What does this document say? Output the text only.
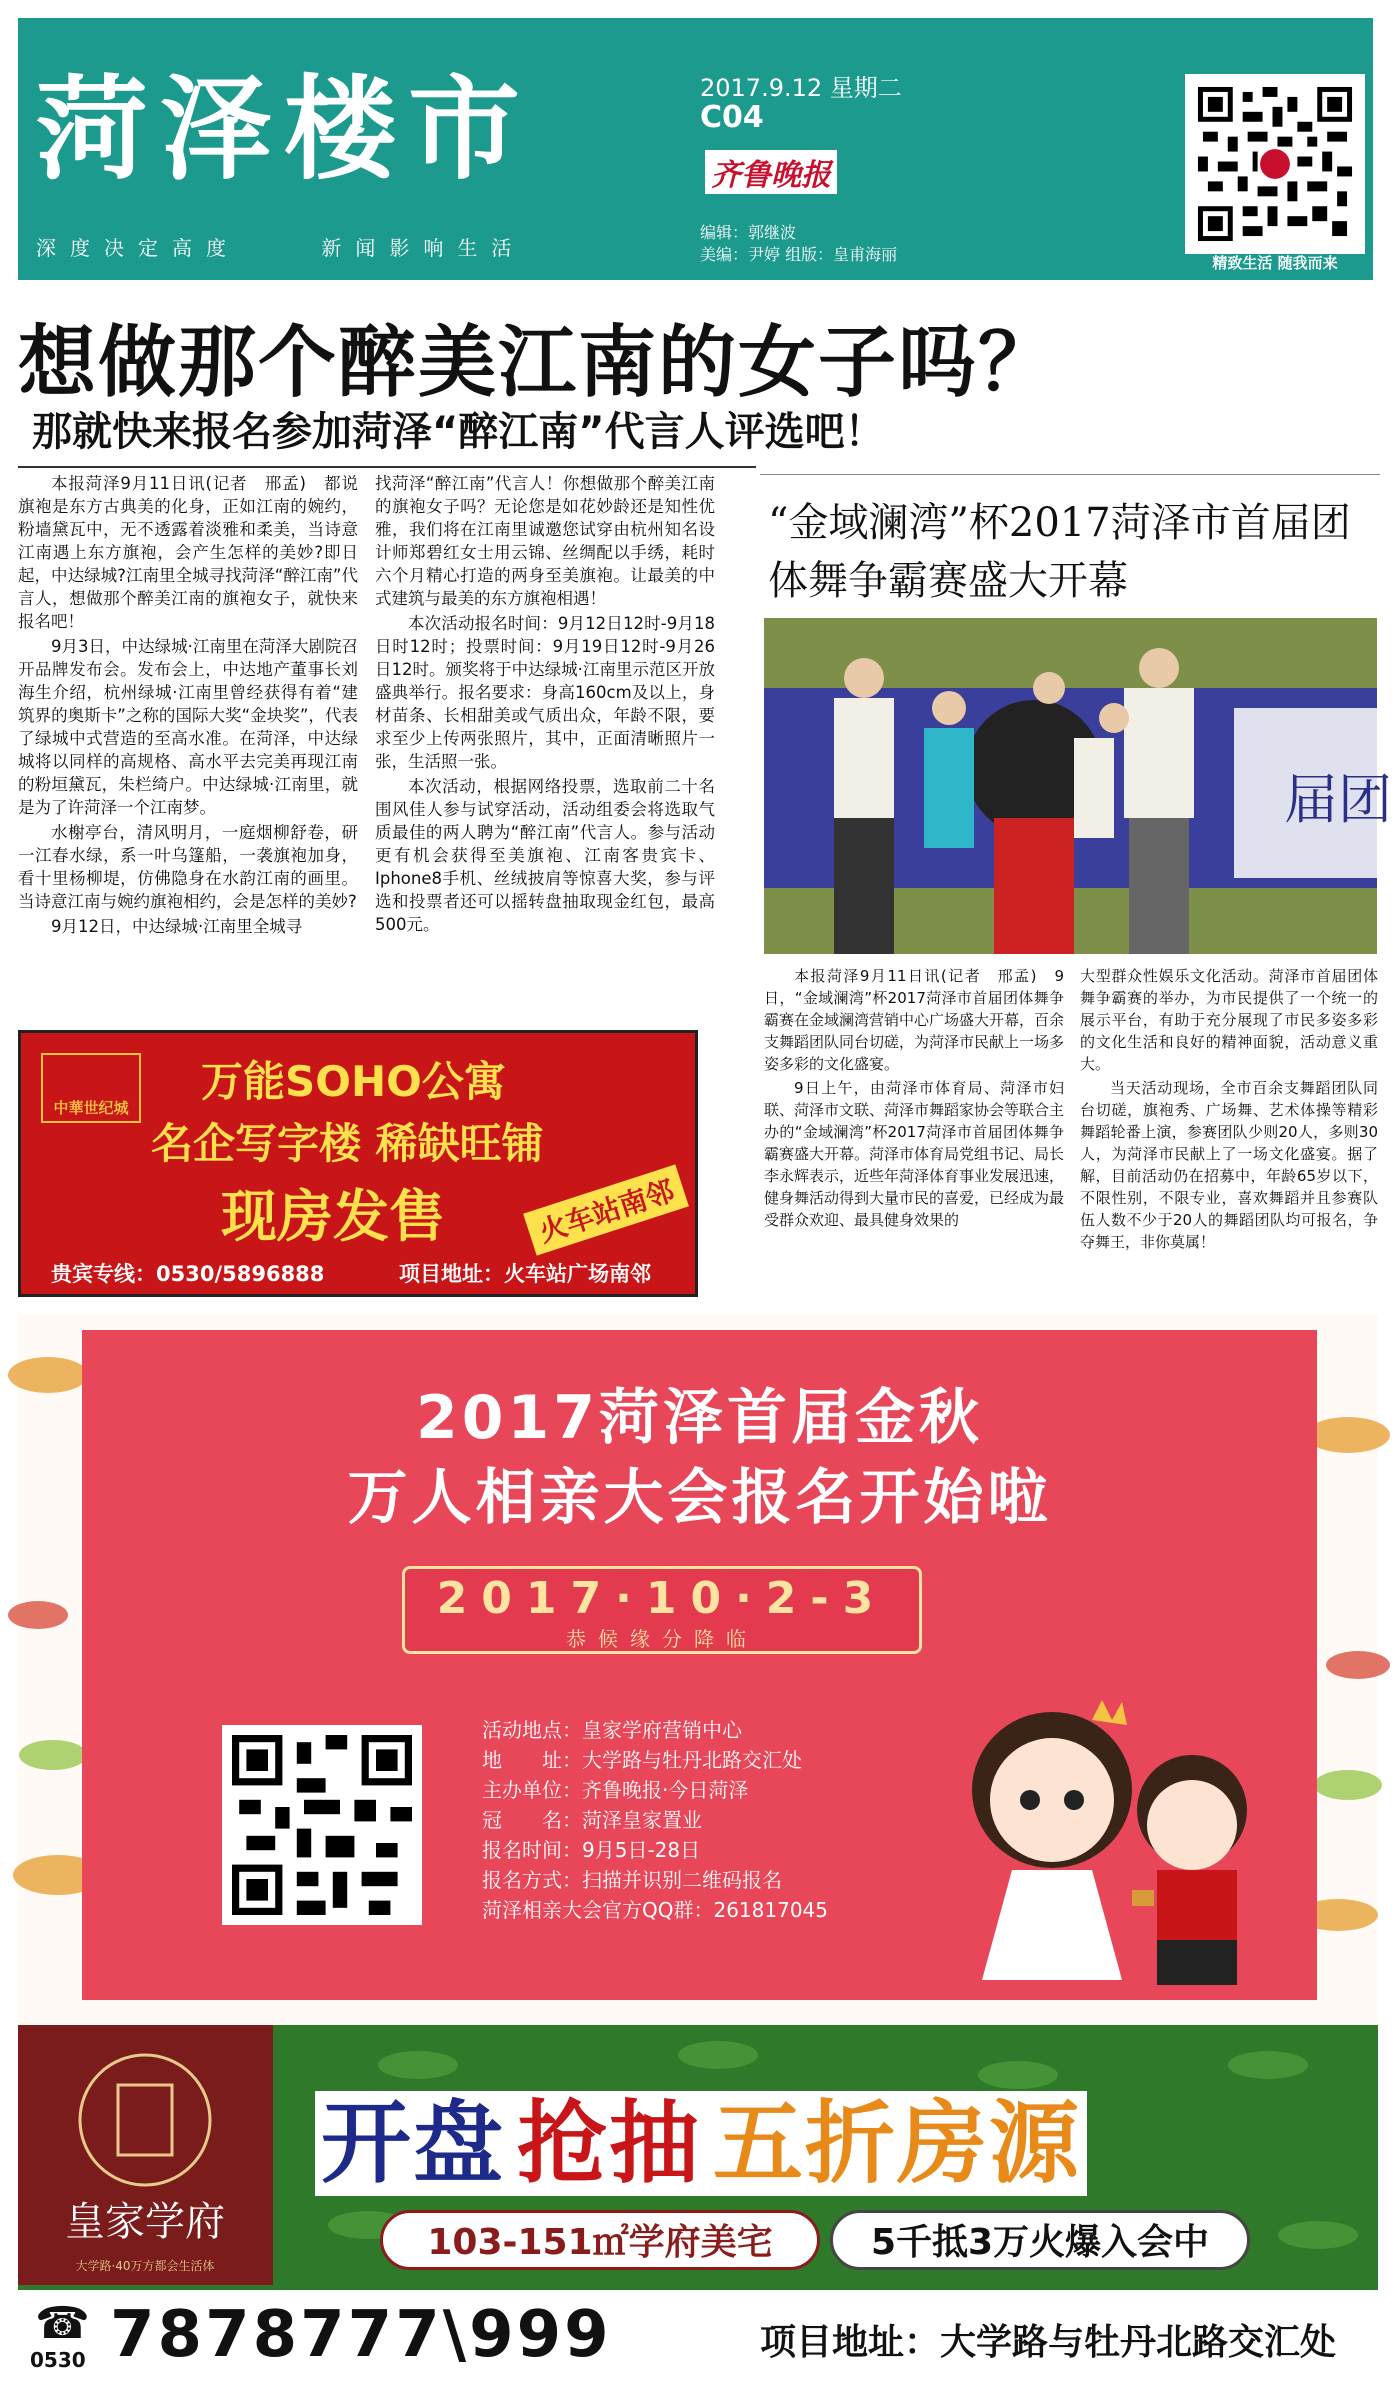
菏泽楼市
深度决定高度    新闻影响生活
2017.9.12 星期二
C04
齐鲁晚报
编辑：郭继波
美编：尹婷 组版：皇甫海丽	精致生活 随我而来
想做那个醉美江南的女子吗？
那就快来报名参加菏泽“醉江南”代言人评选吧！

本报菏泽9月11日讯(记者　邢孟)　都说旗袍是东方古典美的化身，正如江南的婉约，粉墙黛瓦中，无不透露着淡雅和柔美，当诗意江南遇上东方旗袍，会产生怎样的美妙?即日起，中达绿城?江南里全城寻找菏泽“醉江南”代言人，想做那个醉美江南的旗袍女子，就快来报名吧！

9月3日，中达绿城·江南里在菏泽大剧院召开品牌发布会。发布会上，中达地产董事长刘海生介绍，杭州绿城·江南里曾经获得有着“建筑界的奥斯卡”之称的国际大奖“金块奖”，代表了绿城中式营造的至高水准。在菏泽，中达绿城将以同样的高规格、高水平去完美再现江南的粉垣黛瓦，朱栏绮户。中达绿城·江南里，就是为了许菏泽一个江南梦。

水榭亭台，清风明月，一庭烟柳舒卷，研一江春水绿，系一叶乌篷船，一袭旗袍加身，看十里杨柳堤，仿佛隐身在水韵江南的画里。当诗意江南与婉约旗袍相约，会是怎样的美妙?

9月12日，中达绿城·江南里全城寻

找菏泽“醉江南”代言人！你想做那个醉美江南的旗袍女子吗？无论您是如花妙龄还是知性优雅，我们将在江南里诚邀您试穿由杭州知名设计师郑碧红女士用云锦、丝绸配以手绣，耗时六个月精心打造的两身至美旗袍。让最美的中式建筑与最美的东方旗袍相遇！

本次活动报名时间：9月12日12时-9月18日时12时；投票时间：9月19日12时-9月26日12时。颁奖将于中达绿城·江南里示范区开放盛典举行。报名要求：身高160cm及以上，身材苗条、长相甜美或气质出众，年龄不限，要求至少上传两张照片，其中，正面清晰照片一张，生活照一张。

本次活动，根据网络投票，选取前二十名围风佳人参与试穿活动，活动组委会将选取气质最佳的两人聘为“醉江南”代言人。参与活动更有机会获得至美旗袍、江南客贵宾卡、Iphone8手机、丝绒披肩等惊喜大奖，参与评选和投票者还可以摇转盘抽取现金红包，最高500元。

“金域澜湾”杯2017菏泽市首届团体舞争霸赛盛大开幕
届团

本报菏泽9月11日讯(记者　邢孟)　9日，“金域澜湾”杯2017菏泽市首届团体舞争霸赛在金域澜湾营销中心广场盛大开幕，百余支舞蹈团队同台切磋，为菏泽市民献上一场多姿多彩的文化盛宴。

9日上午，由菏泽市体育局、菏泽市妇联、菏泽市文联、菏泽市舞蹈家协会等联合主办的“金域澜湾”杯2017菏泽市首届团体舞争霸赛盛大开幕。菏泽市体育局党组书记、局长李永辉表示，近些年菏泽体育事业发展迅速，健身舞活动得到大量市民的喜爱，已经成为最受群众欢迎、最具健身效果的

大型群众性娱乐文化活动。菏泽市首届团体舞争霸赛的举办，为市民提供了一个统一的展示平台，有助于充分展现了市民多姿多彩的文化生活和良好的精神面貌，活动意义重大。

当天活动现场，全市百余支舞蹈团队同台切磋，旗袍秀、广场舞、艺术体操等精彩舞蹈轮番上演，参赛团队少则20人，多则30人，为菏泽市民献上了一场文化盛宴。据了解，目前活动仍在招募中，年龄65岁以下，不限性别，不限专业，喜欢舞蹈并且参赛队伍人数不少于20人的舞蹈团队均可报名，争夺舞王，非你莫属！

中華世纪城
万能SOHO公寓
名企写字楼 稀缺旺铺
现房发售	火车站南邻
贵宾专线：0530/5896888	项目地址：火车站广场南邻
2017菏泽首届金秋
万人相亲大会报名开始啦
2017·10·2-3
恭候缘分降临
活动地点：皇家学府营销中心
地　　址：大学路与牡丹北路交汇处
主办单位：齐鲁晚报·今日菏泽
冠　　名：菏泽皇家置业
报名时间：9月5日-28日
报名方式：扫描并识别二维码报名
菏泽相亲大会官方QQ群：261817045
皇家学府
大学路·40万方都会生活体
开盘 抢抽 五折房源
103-151㎡学府美宅	5千抵3万火爆入会中
☎
0530 7878777\999	项目地址：大学路与牡丹北路交汇处
